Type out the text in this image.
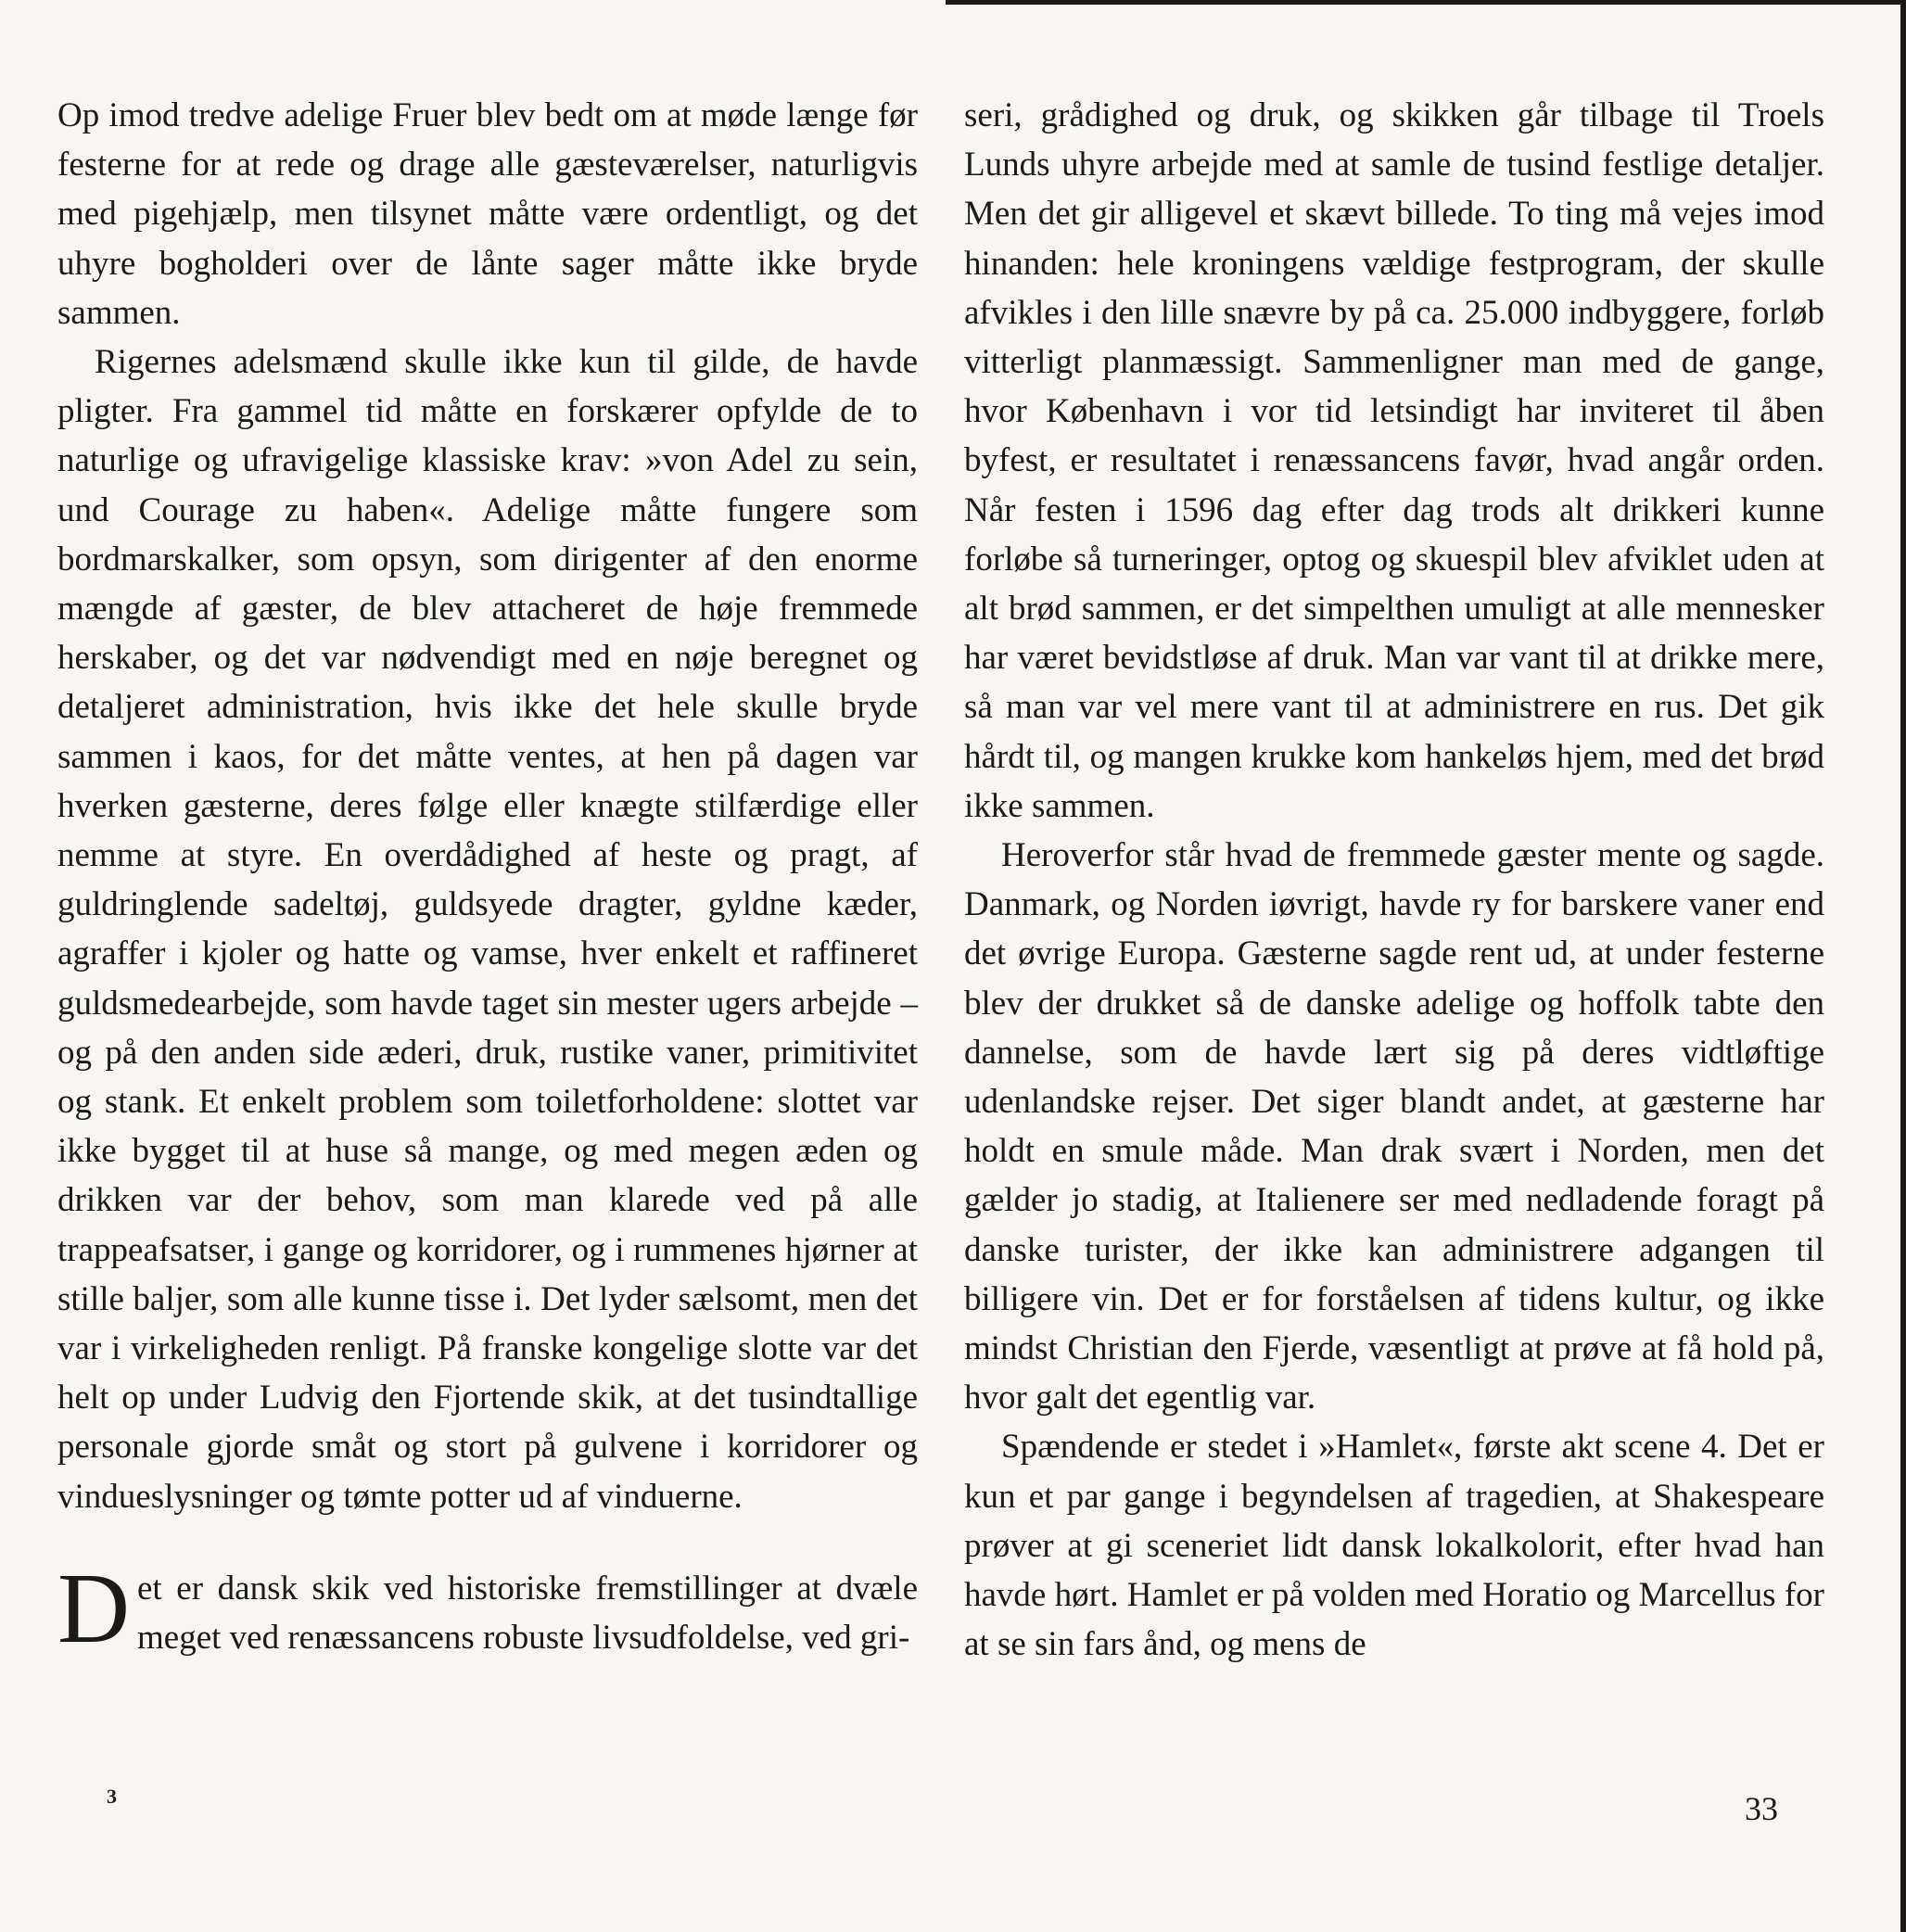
Op imod tredve adelige Fruer blev bedt om at møde længe før festerne for at rede og drage alle gæsteværelser, naturligvis med pigehjælp, men tilsynet måtte være ordentligt, og det uhyre bogholderi over de lånte sager måtte ikke bryde sammen.

Rigernes adelsmænd skulle ikke kun til gilde, de havde pligter. Fra gammel tid måtte en forskærer opfylde de to naturlige og ufravigelige klassiske krav: »von Adel zu sein, und Courage zu haben«. Adelige måtte fungere som bordmarskalker, som opsyn, som dirigenter af den enorme mængde af gæster, de blev attacheret de høje fremmede herskaber, og det var nødvendigt med en nøje beregnet og detaljeret administration, hvis ikke det hele skulle bryde sammen i kaos, for det måtte ventes, at hen på dagen var hverken gæsterne, deres følge eller knægte stilfærdige eller nemme at styre. En overdådighed af heste og pragt, af guldringlende sadeltøj, guldsyede dragter, gyldne kæder, agraffer i kjoler og hatte og vamse, hver enkelt et raffineret guldsmedearbejde, som havde taget sin mester ugers arbejde – og på den anden side æderi, druk, rustike vaner, primitivitet og stank. Et enkelt problem som toiletforholdene: slottet var ikke bygget til at huse så mange, og med megen æden og drikken var der behov, som man klarede ved på alle trappeafsatser, i gange og korridorer, og i rummenes hjørner at stille baljer, som alle kunne tisse i. Det lyder sælsomt, men det var i virkeligheden renligt. På franske kongelige slotte var det helt op under Ludvig den Fjortende skik, at det tusindtallige personale gjorde småt og stort på gulvene i korridorer og vindueslysninger og tømte potter ud af vinduerne.

Det er dansk skik ved historiske fremstillinger at dvæle meget ved renæssancens robuste livsudfoldelse, ved gri-

seri, grådighed og druk, og skikken går tilbage til Troels Lunds uhyre arbejde med at samle de tusind festlige detaljer. Men det gir alligevel et skævt billede. To ting må vejes imod hinanden: hele kroningens vældige festprogram, der skulle afvikles i den lille snævre by på ca. 25.000 indbyggere, forløb vitterligt planmæssigt. Sammenligner man med de gange, hvor København i vor tid letsindigt har inviteret til åben byfest, er resultatet i renæssancens favør, hvad angår orden. Når festen i 1596 dag efter dag trods alt drikkeri kunne forløbe så turneringer, optog og skuespil blev afviklet uden at alt brød sammen, er det simpelthen umuligt at alle mennesker har været bevidstløse af druk. Man var vant til at drikke mere, så man var vel mere vant til at administrere en rus. Det gik hårdt til, og mangen krukke kom hankeløs hjem, med det brød ikke sammen.

Heroverfor står hvad de fremmede gæster mente og sagde. Danmark, og Norden iøvrigt, havde ry for barskere vaner end det øvrige Europa. Gæsterne sagde rent ud, at under festerne blev der drukket så de danske adelige og hoffolk tabte den dannelse, som de havde lært sig på deres vidtløftige udenlandske rejser. Det siger blandt andet, at gæsterne har holdt en smule måde. Man drak svært i Norden, men det gælder jo stadig, at Italienere ser med nedladende foragt på danske turister, der ikke kan administrere adgangen til billigere vin. Det er for forståelsen af tidens kultur, og ikke mindst Christian den Fjerde, væsentligt at prøve at få hold på, hvor galt det egentlig var.

Spændende er stedet i »Hamlet«, første akt scene 4. Det er kun et par gange i begyndelsen af tragedien, at Shakespeare prøver at gi sceneriet lidt dansk lokalkolorit, efter hvad han havde hørt. Hamlet er på volden med Horatio og Marcellus for at se sin fars ånd, og mens de

3	33
